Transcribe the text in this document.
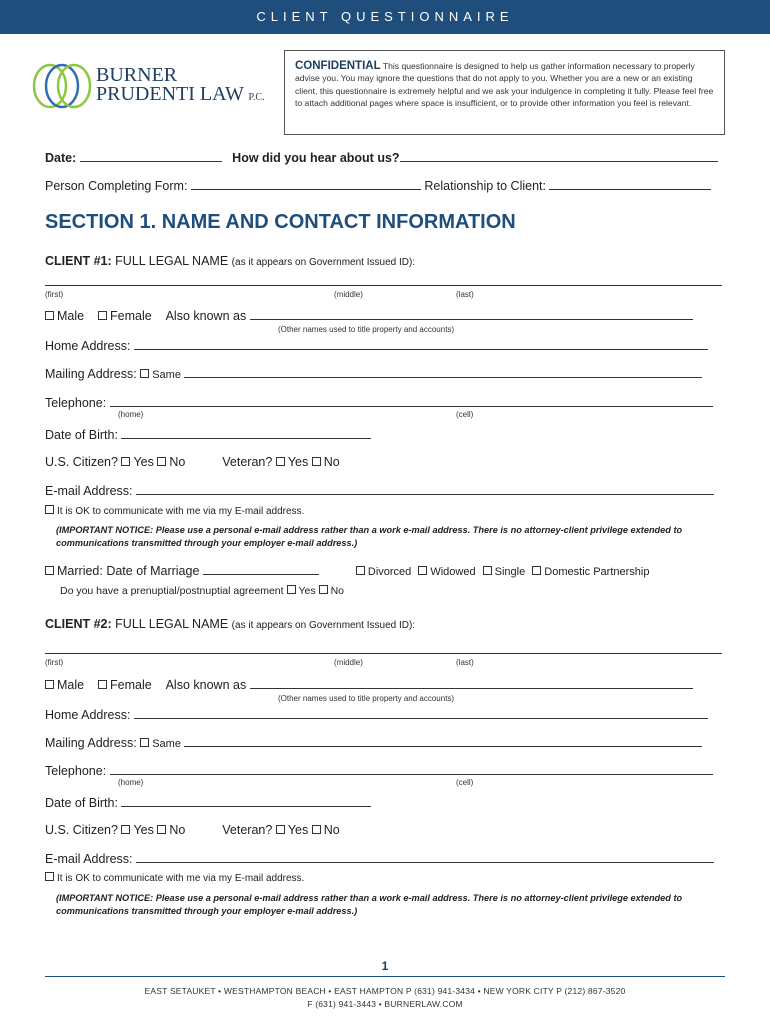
CLIENT QUESTIONNAIRE
BURNER
PRUDENTI LAW P.C.
CONFIDENTIAL This questionnaire is designed to help us gather information necessary to properly advise you. You may ignore the questions that do not apply to you. Whether you are a new or an existing client, this questionnaire is extremely helpful and we ask your indulgence in completing it fully. Please feel free to attach additional pages where space is insufficient, or to provide other information you feel is relevant.
Date:	How did you hear about us?
Person Completing Form:	Relationship to Client:
SECTION 1. NAME AND CONTACT INFORMATION
CLIENT #1: FULL LEGAL NAME (as it appears on Government Issued ID):
(first)	(middle)	(last)
Male Female Also known as
(Other names used to title property and accounts)
Home Address:
Mailing Address: Same
Telephone:
(home)	(cell)
Date of Birth:
U.S. Citizen? Yes No	Veteran? Yes No
E-mail Address:
It is OK to communicate with me via my E-mail address.
(IMPORTANT NOTICE: Please use a personal e-mail address rather than a work e-mail address. There is no attorney-client privilege extended to
communications transmitted through your employer e-mail address.)
Married: Date of Marriage	Divorced Widowed Single Domestic Partnership
Do you have a prenuptial/postnuptial agreement Yes No
CLIENT #2: FULL LEGAL NAME (as it appears on Government Issued ID):
(first)	(middle)	(last)
Male Female Also known as
(Other names used to title property and accounts)
Home Address:
Mailing Address: Same
Telephone:
(home)	(cell)
Date of Birth:
U.S. Citizen? Yes No	Veteran? Yes No
E-mail Address:
It is OK to communicate with me via my E-mail address.
(IMPORTANT NOTICE: Please use a personal e-mail address rather than a work e-mail address. There is no attorney-client privilege extended to
communications transmitted through your employer e-mail address.)
1
EAST SETAUKET • WESTHAMPTON BEACH • EAST HAMPTON P (631) 941-3434 • NEW YORK CITY P (212) 867-3520
F (631) 941-3443 • BURNERLAW.COM
